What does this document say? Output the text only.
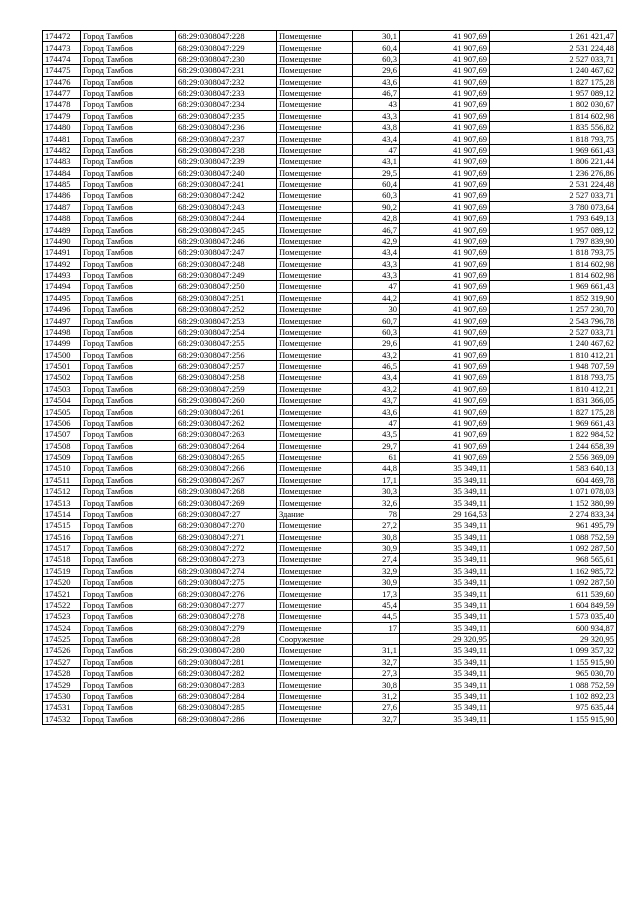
174472	Город Тамбов	68:29:0308047:228	Помещение	30,1	41 907,69	1 261 421,47
174473	Город Тамбов	68:29:0308047:229	Помещение	60,4	41 907,69	2 531 224,48
174474	Город Тамбов	68:29:0308047:230	Помещение	60,3	41 907,69	2 527 033,71
174475	Город Тамбов	68:29:0308047:231	Помещение	29,6	41 907,69	1 240 467,62
174476	Город Тамбов	68:29:0308047:232	Помещение	43,6	41 907,69	1 827 175,28
174477	Город Тамбов	68:29:0308047:233	Помещение	46,7	41 907,69	1 957 089,12
174478	Город Тамбов	68:29:0308047:234	Помещение	43	41 907,69	1 802 030,67
174479	Город Тамбов	68:29:0308047:235	Помещение	43,3	41 907,69	1 814 602,98
174480	Город Тамбов	68:29:0308047:236	Помещение	43,8	41 907,69	1 835 556,82
174481	Город Тамбов	68:29:0308047:237	Помещение	43,4	41 907,69	1 818 793,75
174482	Город Тамбов	68:29:0308047:238	Помещение	47	41 907,69	1 969 661,43
174483	Город Тамбов	68:29:0308047:239	Помещение	43,1	41 907,69	1 806 221,44
174484	Город Тамбов	68:29:0308047:240	Помещение	29,5	41 907,69	1 236 276,86
174485	Город Тамбов	68:29:0308047:241	Помещение	60,4	41 907,69	2 531 224,48
174486	Город Тамбов	68:29:0308047:242	Помещение	60,3	41 907,69	2 527 033,71
174487	Город Тамбов	68:29:0308047:243	Помещение	90,2	41 907,69	3 780 073,64
174488	Город Тамбов	68:29:0308047:244	Помещение	42,8	41 907,69	1 793 649,13
174489	Город Тамбов	68:29:0308047:245	Помещение	46,7	41 907,69	1 957 089,12
174490	Город Тамбов	68:29:0308047:246	Помещение	42,9	41 907,69	1 797 839,90
174491	Город Тамбов	68:29:0308047:247	Помещение	43,4	41 907,69	1 818 793,75
174492	Город Тамбов	68:29:0308047:248	Помещение	43,3	41 907,69	1 814 602,98
174493	Город Тамбов	68:29:0308047:249	Помещение	43,3	41 907,69	1 814 602,98
174494	Город Тамбов	68:29:0308047:250	Помещение	47	41 907,69	1 969 661,43
174495	Город Тамбов	68:29:0308047:251	Помещение	44,2	41 907,69	1 852 319,90
174496	Город Тамбов	68:29:0308047:252	Помещение	30	41 907,69	1 257 230,70
174497	Город Тамбов	68:29:0308047:253	Помещение	60,7	41 907,69	2 543 796,78
174498	Город Тамбов	68:29:0308047:254	Помещение	60,3	41 907,69	2 527 033,71
174499	Город Тамбов	68:29:0308047:255	Помещение	29,6	41 907,69	1 240 467,62
174500	Город Тамбов	68:29:0308047:256	Помещение	43,2	41 907,69	1 810 412,21
174501	Город Тамбов	68:29:0308047:257	Помещение	46,5	41 907,69	1 948 707,59
174502	Город Тамбов	68:29:0308047:258	Помещение	43,4	41 907,69	1 818 793,75
174503	Город Тамбов	68:29:0308047:259	Помещение	43,2	41 907,69	1 810 412,21
174504	Город Тамбов	68:29:0308047:260	Помещение	43,7	41 907,69	1 831 366,05
174505	Город Тамбов	68:29:0308047:261	Помещение	43,6	41 907,69	1 827 175,28
174506	Город Тамбов	68:29:0308047:262	Помещение	47	41 907,69	1 969 661,43
174507	Город Тамбов	68:29:0308047:263	Помещение	43,5	41 907,69	1 822 984,52
174508	Город Тамбов	68:29:0308047:264	Помещение	29,7	41 907,69	1 244 658,39
174509	Город Тамбов	68:29:0308047:265	Помещение	61	41 907,69	2 556 369,09
174510	Город Тамбов	68:29:0308047:266	Помещение	44,8	35 349,11	1 583 640,13
174511	Город Тамбов	68:29:0308047:267	Помещение	17,1	35 349,11	604 469,78
174512	Город Тамбов	68:29:0308047:268	Помещение	30,3	35 349,11	1 071 078,03
174513	Город Тамбов	68:29:0308047:269	Помещение	32,6	35 349,11	1 152 380,99
174514	Город Тамбов	68:29:0308047:27	Здание	78	29 164,53	2 274 833,34
174515	Город Тамбов	68:29:0308047:270	Помещение	27,2	35 349,11	961 495,79
174516	Город Тамбов	68:29:0308047:271	Помещение	30,8	35 349,11	1 088 752,59
174517	Город Тамбов	68:29:0308047:272	Помещение	30,9	35 349,11	1 092 287,50
174518	Город Тамбов	68:29:0308047:273	Помещение	27,4	35 349,11	968 565,61
174519	Город Тамбов	68:29:0308047:274	Помещение	32,9	35 349,11	1 162 985,72
174520	Город Тамбов	68:29:0308047:275	Помещение	30,9	35 349,11	1 092 287,50
174521	Город Тамбов	68:29:0308047:276	Помещение	17,3	35 349,11	611 539,60
174522	Город Тамбов	68:29:0308047:277	Помещение	45,4	35 349,11	1 604 849,59
174523	Город Тамбов	68:29:0308047:278	Помещение	44,5	35 349,11	1 573 035,40
174524	Город Тамбов	68:29:0308047:279	Помещение	17	35 349,11	600 934,87
174525	Город Тамбов	68:29:0308047:28	Сооружение		29 320,95	29 320,95
174526	Город Тамбов	68:29:0308047:280	Помещение	31,1	35 349,11	1 099 357,32
174527	Город Тамбов	68:29:0308047:281	Помещение	32,7	35 349,11	1 155 915,90
174528	Город Тамбов	68:29:0308047:282	Помещение	27,3	35 349,11	965 030,70
174529	Город Тамбов	68:29:0308047:283	Помещение	30,8	35 349,11	1 088 752,59
174530	Город Тамбов	68:29:0308047:284	Помещение	31,2	35 349,11	1 102 892,23
174531	Город Тамбов	68:29:0308047:285	Помещение	27,6	35 349,11	975 635,44
174532	Город Тамбов	68:29:0308047:286	Помещение	32,7	35 349,11	1 155 915,90
